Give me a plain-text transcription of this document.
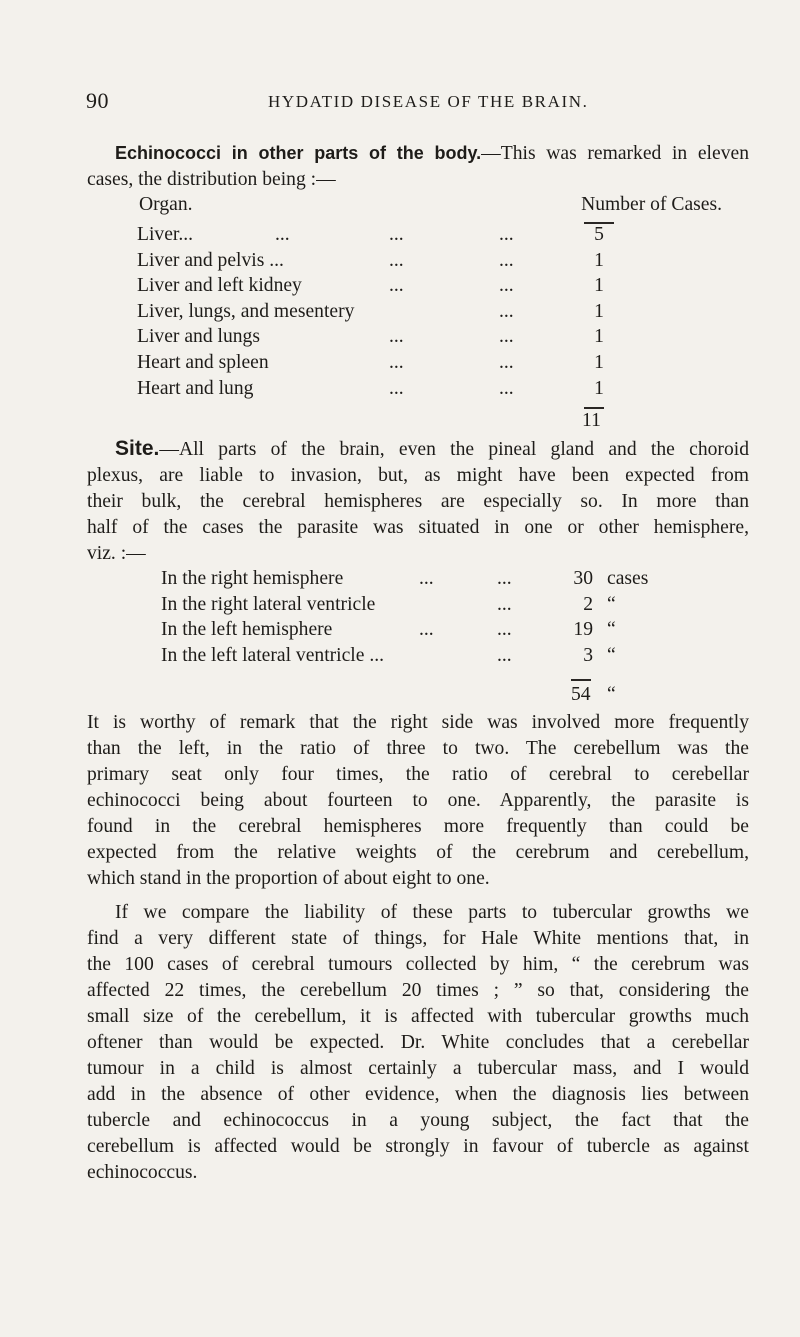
90	HYDATID DISEASE OF THE BRAIN.
Echinococci in other parts of the body.—This was remarked in eleven
cases, the distribution being :—
Organ.	Number of Cases.
Liver...	...	...	...	5
Liver and pelvis ...	...	...	1
Liver and left kidney	...	...	1
Liver, lungs, and mesentery	...	1
Liver and lungs	...	...	1
Heart and spleen	...	...	1
Heart and lung	...	...	1
11
Site.—All parts of the brain, even the pineal gland and the choroid
plexus, are liable to invasion, but, as might have been expected from
their bulk, the cerebral hemispheres are especially so. In more than
half of the cases the parasite was situated in one or other hemisphere,
viz. :—
In the right hemisphere	...	...	30 cases
In the right lateral ventricle	...	2 “
In the left hemisphere	...	...	19 “
In the left lateral ventricle ...	...	3 “
54 “
It is worthy of remark that the right side was involved more frequently
than the left, in the ratio of three to two. The cerebellum was the
primary seat only four times, the ratio of cerebral to cerebellar
echinococci being about fourteen to one. Apparently, the parasite is
found in the cerebral hemispheres more frequently than could be
expected from the relative weights of the cerebrum and cerebellum,
which stand in the proportion of about eight to one.
If we compare the liability of these parts to tubercular growths we
find a very different state of things, for Hale White mentions that, in
the 100 cases of cerebral tumours collected by him, “ the cerebrum was
affected 22 times, the cerebellum 20 times ; ” so that, considering the
small size of the cerebellum, it is affected with tubercular growths much
oftener than would be expected. Dr. White concludes that a cerebellar
tumour in a child is almost certainly a tubercular mass, and I would
add in the absence of other evidence, when the diagnosis lies between
tubercle and echinococcus in a young subject, the fact that the
cerebellum is affected would be strongly in favour of tubercle as against
echinococcus.
